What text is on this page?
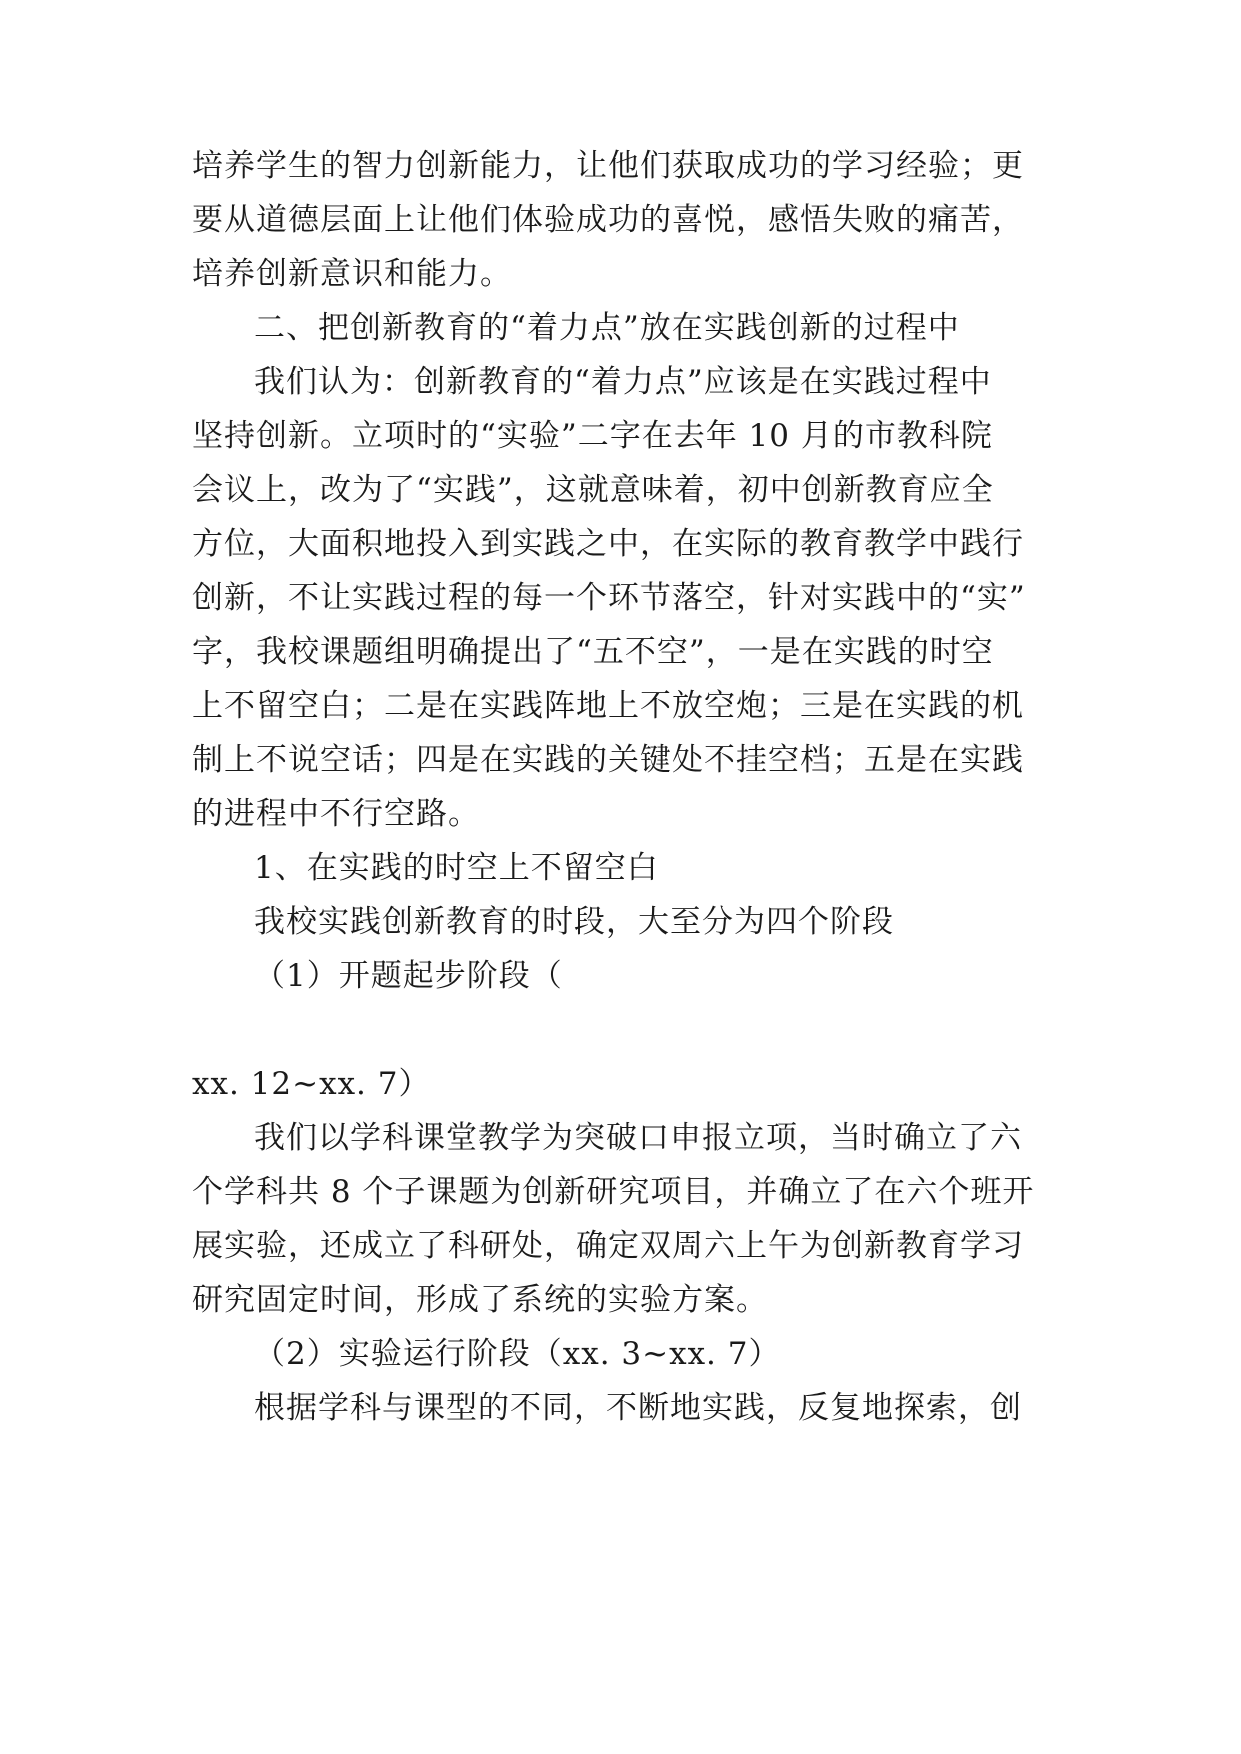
培养学生的智力创新能力，让他们获取成功的学习经验；更
要从道德层面上让他们体验成功的喜悦，感悟失败的痛苦，
培养创新意识和能力。
二、把创新教育的“着力点”放在实践创新的过程中
我们认为：创新教育的“着力点”应该是在实践过程中
坚持创新。立项时的“实验”二字在去年 10 月的市教科院
会议上，改为了“实践”，这就意味着，初中创新教育应全
方位，大面积地投入到实践之中，在实际的教育教学中践行
创新，不让实践过程的每一个环节落空，针对实践中的“实”
字，我校课题组明确提出了“五不空”，一是在实践的时空
上不留空白；二是在实践阵地上不放空炮；三是在实践的机
制上不说空话；四是在实践的关键处不挂空档；五是在实践
的进程中不行空路。
1、在实践的时空上不留空白
我校实践创新教育的时段，大至分为四个阶段
（1）开题起步阶段（
xx. 12~xx. 7）
我们以学科课堂教学为突破口申报立项，当时确立了六
个学科共 8 个子课题为创新研究项目，并确立了在六个班开
展实验，还成立了科研处，确定双周六上午为创新教育学习
研究固定时间，形成了系统的实验方案。
（2）实验运行阶段（xx. 3~xx. 7）
根据学科与课型的不同，不断地实践，反复地探索，创
